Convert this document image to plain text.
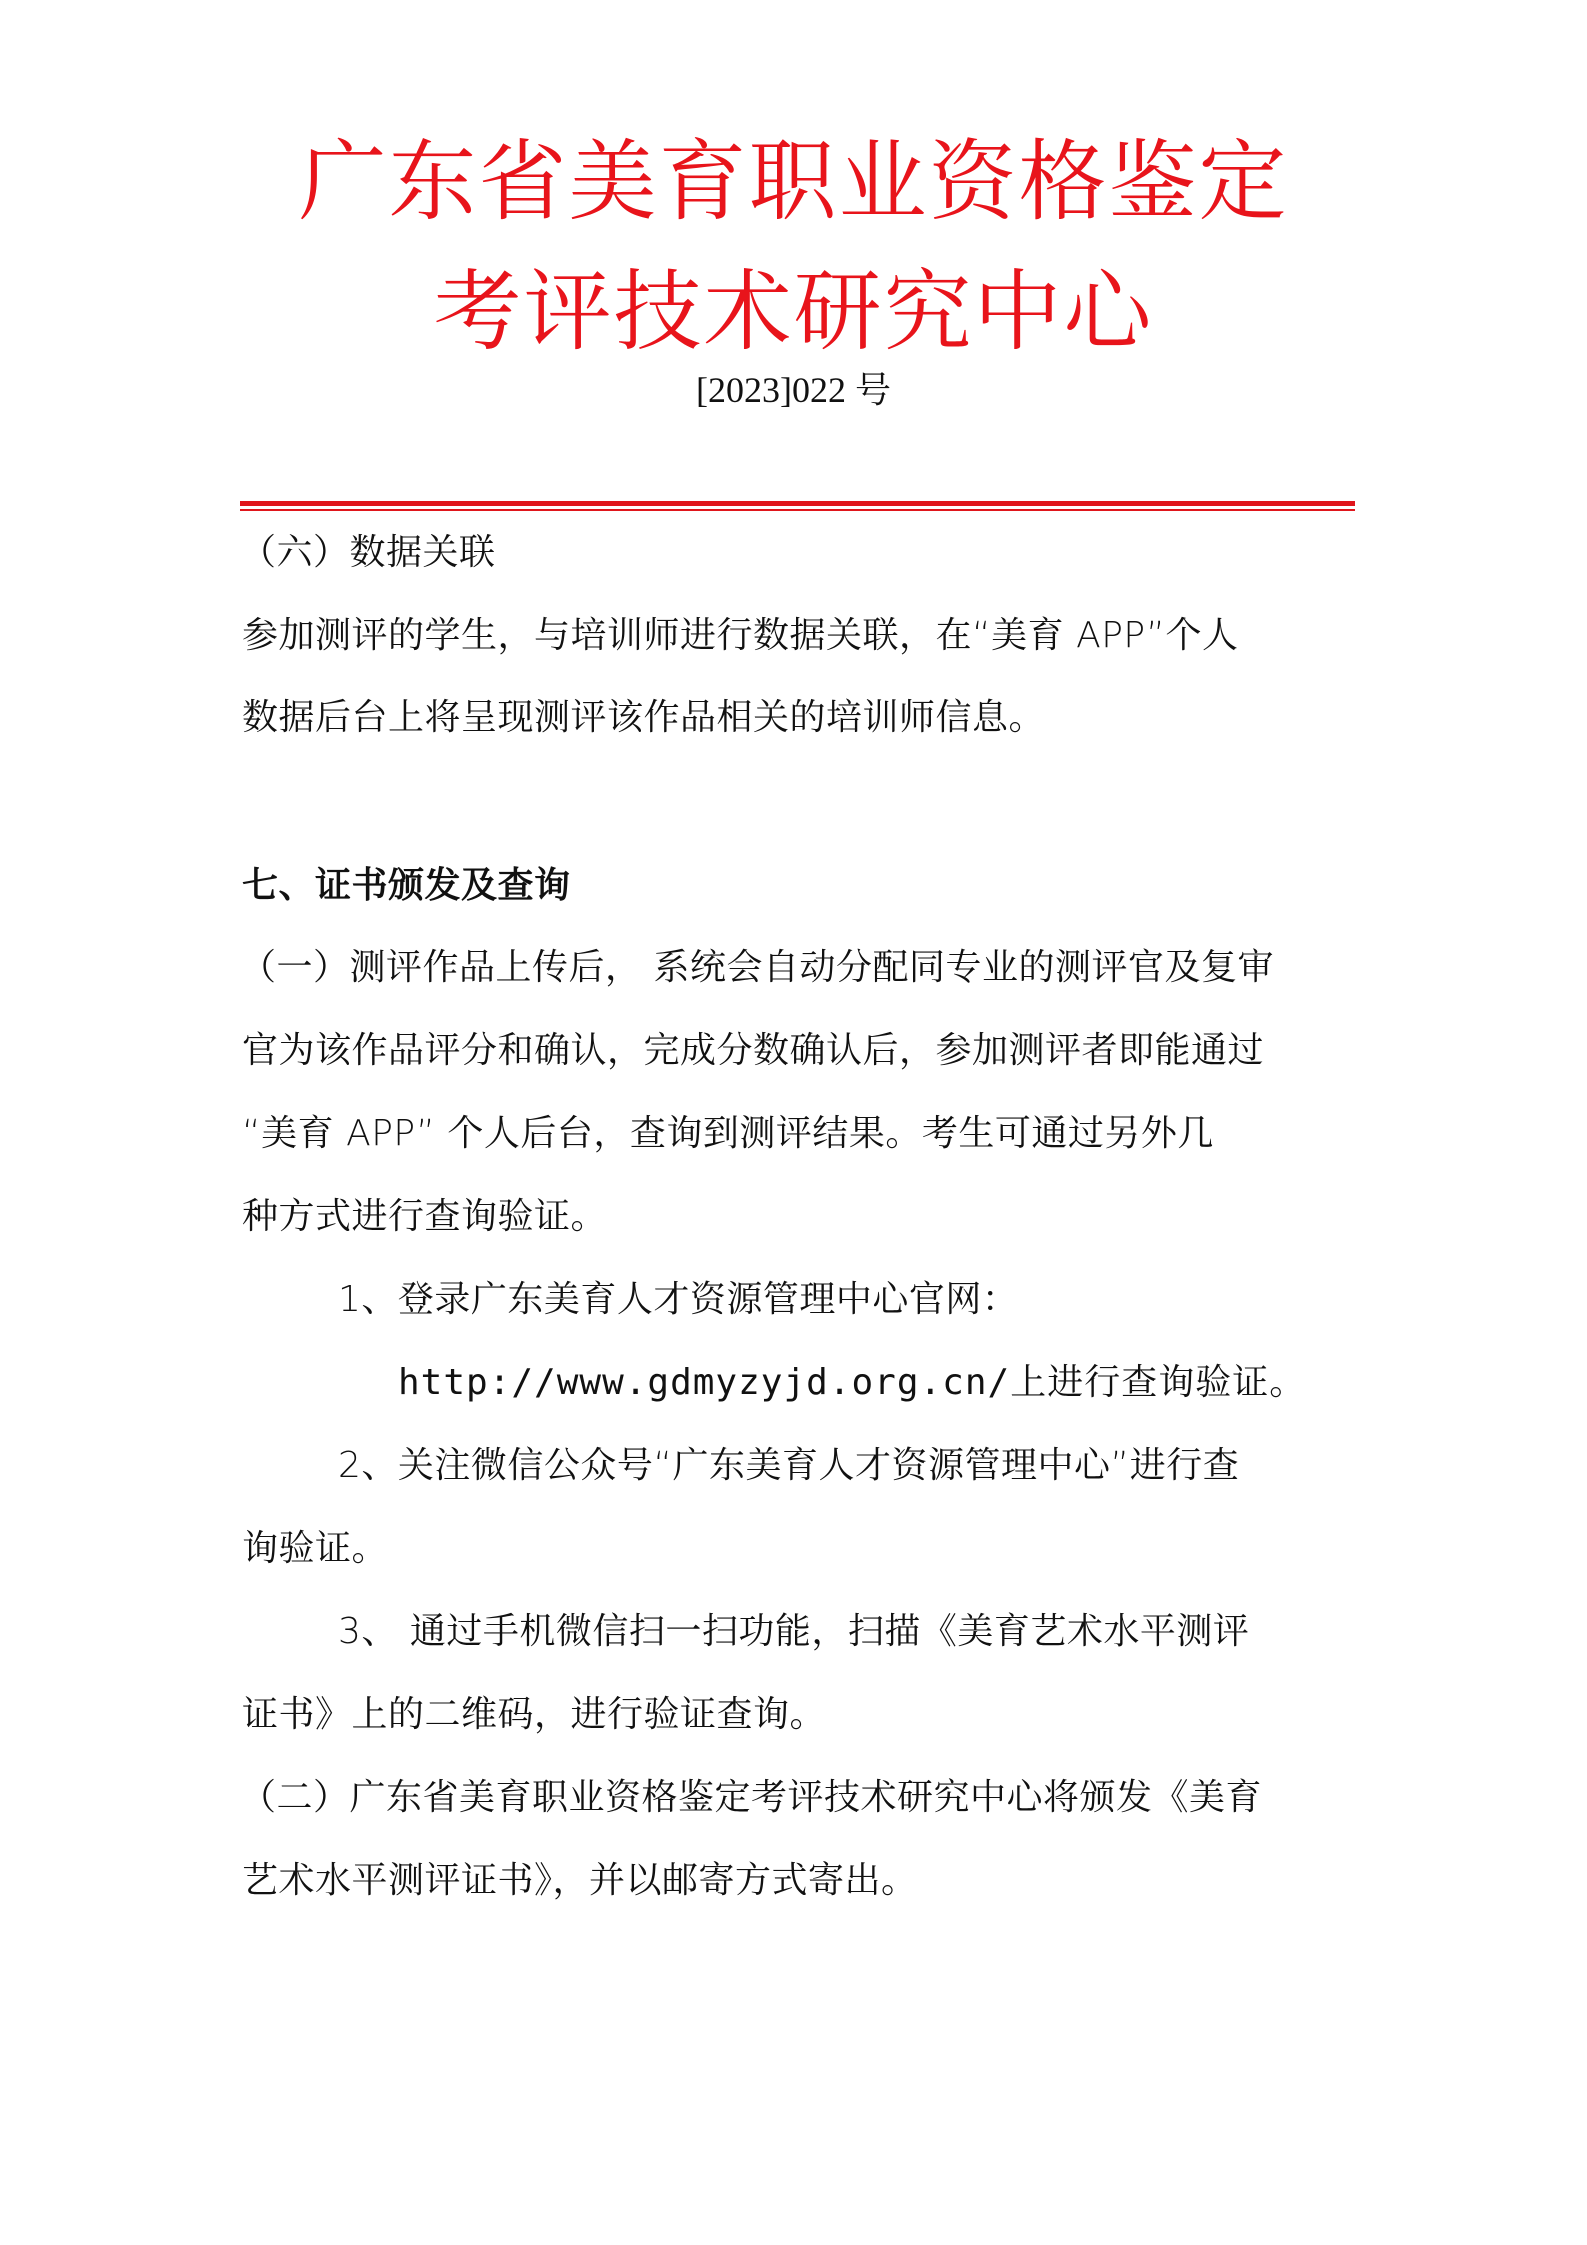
广东省美育职业资格鉴定
考评技术研究中心
[2023]022 号
（六）数据关联
参加测评的学生，与培训师进行数据关联，在“美育 APP”个人
数据后台上将呈现测评该作品相关的培训师信息。
七、证书颁发及查询
（一）测评作品上传后， 系统会自动分配同专业的测评官及复审
官为该作品评分和确认，完成分数确认后，参加测评者即能通过
“美育 APP” 个人后台，查询到测评结果。考生可通过另外几
种方式进行查询验证。
1、登录广东美育人才资源管理中心官网：
http://www.gdmyzyjd.org.cn/上进行查询验证。
2、关注微信公众号“广东美育人才资源管理中心”进行查
询验证。
3、 通过手机微信扫一扫功能，扫描《美育艺术水平测评
证书》上的二维码，进行验证查询。
（二）广东省美育职业资格鉴定考评技术研究中心将颁发《美育
艺术水平测评证书》，并以邮寄方式寄出。
